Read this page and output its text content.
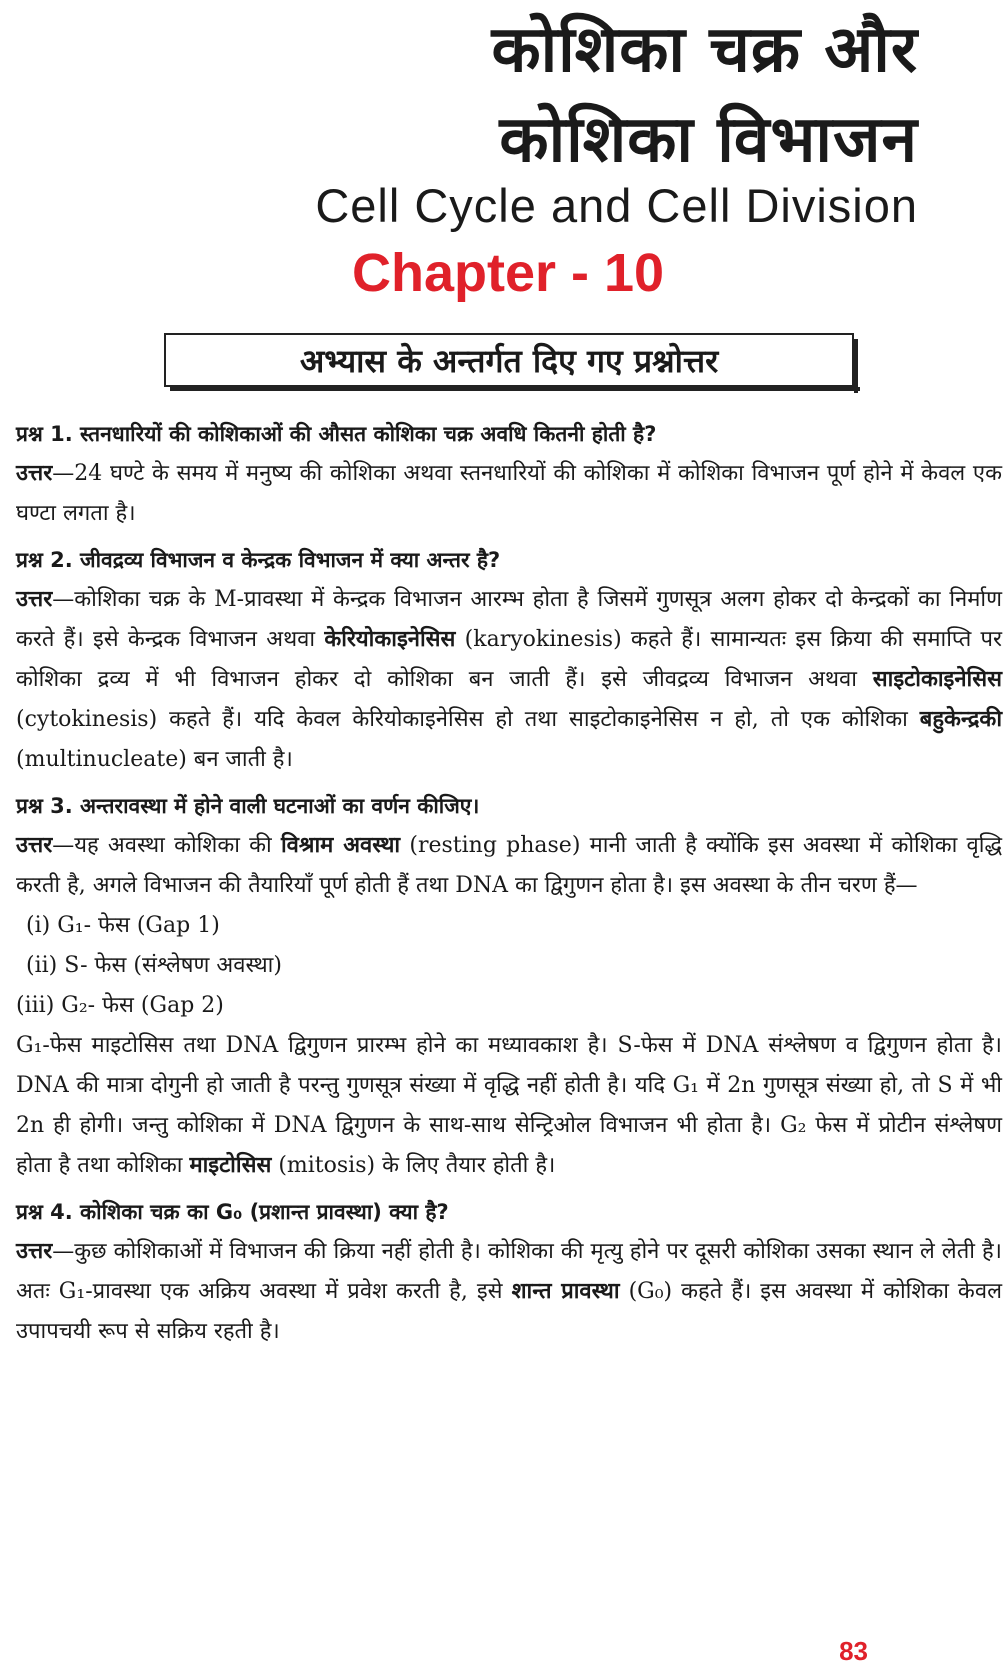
कोशिका चक्र और
कोशिका विभाजन
Cell Cycle and Cell Division
Chapter - 10
अभ्यास के अन्तर्गत दिए गए प्रश्नोत्तर

प्रश्न 1. स्तनधारियों की कोशिकाओं की औसत कोशिका चक्र अवधि कितनी होती है?

उत्तर—24 घण्टे के समय में मनुष्य की कोशिका अथवा स्तनधारियों की कोशिका में कोशिका विभाजन पूर्ण होने में केवल एक घण्टा लगता है।

प्रश्न 2. जीवद्रव्य विभाजन व केन्द्रक विभाजन में क्या अन्तर है?

उत्तर—कोशिका चक्र के M-प्रावस्था में केन्द्रक विभाजन आरम्भ होता है जिसमें गुणसूत्र अलग होकर दो केन्द्रकों का निर्माण करते हैं। इसे केन्द्रक विभाजन अथवा केरियोकाइनेसिस (karyokinesis) कहते हैं। सामान्यतः इस क्रिया की समाप्ति पर कोशिका द्रव्य में भी विभाजन होकर दो कोशिका बन जाती हैं। इसे जीवद्रव्य विभाजन अथवा साइटोकाइनेसिस (cytokinesis) कहते हैं। यदि केवल केरियोकाइनेसिस हो तथा साइटोकाइनेसिस न हो, तो एक कोशिका बहुकेन्द्रकी (multinucleate) बन जाती है।

प्रश्न 3. अन्तरावस्था में होने वाली घटनाओं का वर्णन कीजिए।

उत्तर—यह अवस्था कोशिका की विश्राम अवस्था (resting phase) मानी जाती है क्योंकि इस अवस्था में कोशिका वृद्धि करती है, अगले विभाजन की तैयारियाँ पूर्ण होती हैं तथा DNA का द्विगुणन होता है। इस अवस्था के तीन चरण हैं—

(i) G₁- फेस (Gap 1)

(ii) S- फेस (संश्लेषण अवस्था)

(iii) G₂- फेस (Gap 2)

G₁-फेस माइटोसिस तथा DNA द्विगुणन प्रारम्भ होने का मध्यावकाश है। S-फेस में DNA संश्लेषण व द्विगुणन होता है। DNA की मात्रा दोगुनी हो जाती है परन्तु गुणसूत्र संख्या में वृद्धि नहीं होती है। यदि G₁ में 2n गुणसूत्र संख्या हो, तो S में भी 2n ही होगी। जन्तु कोशिका में DNA द्विगुणन के साथ-साथ सेन्ट्रिओल विभाजन भी होता है। G₂ फेस में प्रोटीन संश्लेषण होता है तथा कोशिका माइटोसिस (mitosis) के लिए तैयार होती है।

प्रश्न 4. कोशिका चक्र का G₀ (प्रशान्त प्रावस्था) क्या है?

उत्तर—कुछ कोशिकाओं में विभाजन की क्रिया नहीं होती है। कोशिका की मृत्यु होने पर दूसरी कोशिका उसका स्थान ले लेती है। अतः G₁-प्रावस्था एक अक्रिय अवस्था में प्रवेश करती है, इसे शान्त प्रावस्था (G₀) कहते हैं। इस अवस्था में कोशिका केवल उपापचयी रूप से सक्रिय रहती है।

83
